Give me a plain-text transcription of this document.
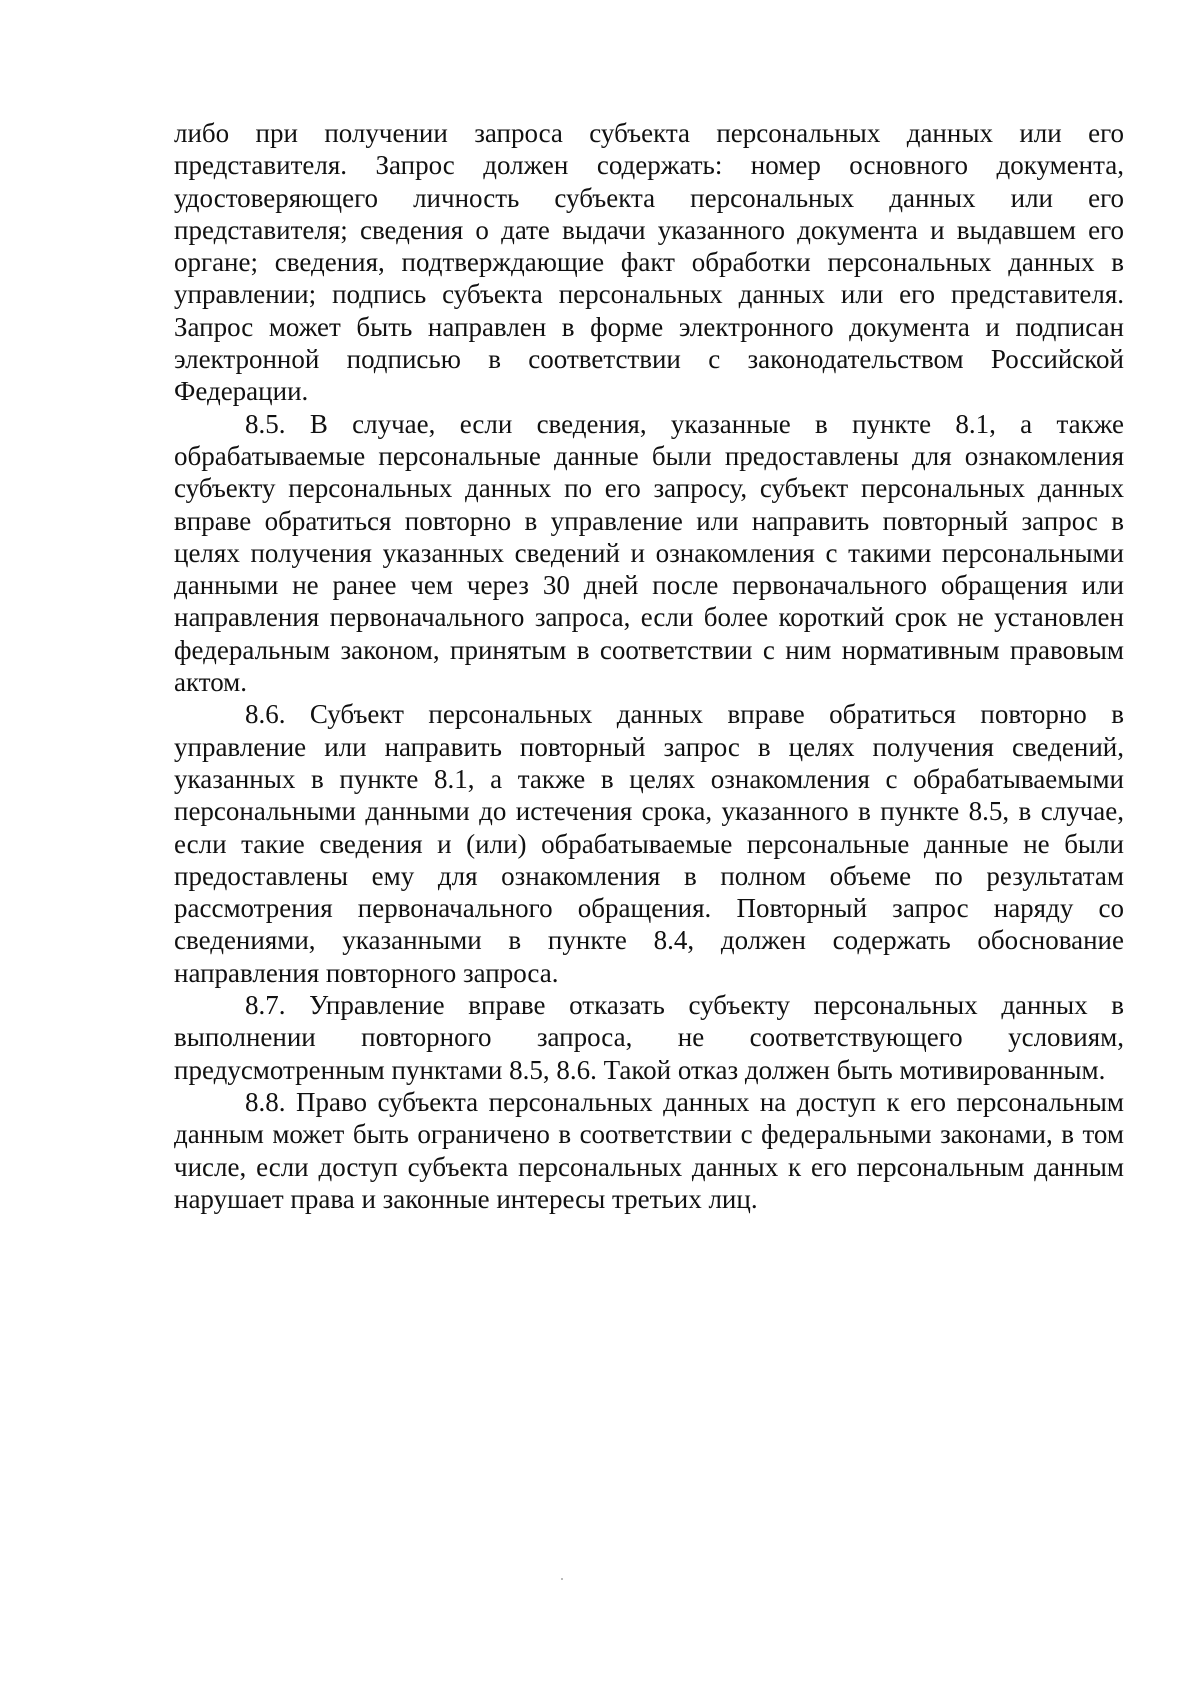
либо при получении запроса субъекта персональных данных или его представителя. Запрос должен содержать: номер основного документа, удостоверяющего личность субъекта персональных данных или его представителя; сведения о дате выдачи указанного документа и выдавшем его органе; сведения, подтверждающие факт обработки персональных данных в управлении; подпись субъекта персональных данных или его представителя. Запрос может быть направлен в форме электронного документа и подписан электронной подписью в соответствии с законодательством Российской Федерации.

8.5. В случае, если сведения, указанные в пункте 8.1, а также обрабатываемые персональные данные были предоставлены для ознакомления субъекту персональных данных по его запросу, субъект персональных данных вправе обратиться повторно в управление или направить повторный запрос в целях получения указанных сведений и ознакомления с такими персональными данными не ранее чем через 30 дней после первоначального обращения или направления первоначального запроса, если более короткий срок не установлен федеральным законом, принятым в соответствии с ним нормативным правовым актом.

8.6. Субъект персональных данных вправе обратиться повторно в управление или направить повторный запрос в целях получения сведений, указанных в пункте 8.1, а также в целях ознакомления с обрабатываемыми персональными данными до истечения срока, указанного в пункте 8.5, в случае, если такие сведения и (или) обрабатываемые персональные данные не были предоставлены ему для ознакомления в полном объеме по результатам рассмотрения первоначального обращения. Повторный запрос наряду со сведениями, указанными в пункте 8.4, должен содержать обоснование направления повторного запроса.

8.7. Управление вправе отказать субъекту персональных данных в выполнении повторного запроса, не соответствующего условиям, предусмотренным пунктами 8.5, 8.6. Такой отказ должен быть мотивированным.

8.8. Право субъекта персональных данных на доступ к его персональным данным может быть ограничено в соответствии с федеральными законами, в том числе, если доступ субъекта персональных данных к его персональным данным нарушает права и законные интересы третьих лиц.
